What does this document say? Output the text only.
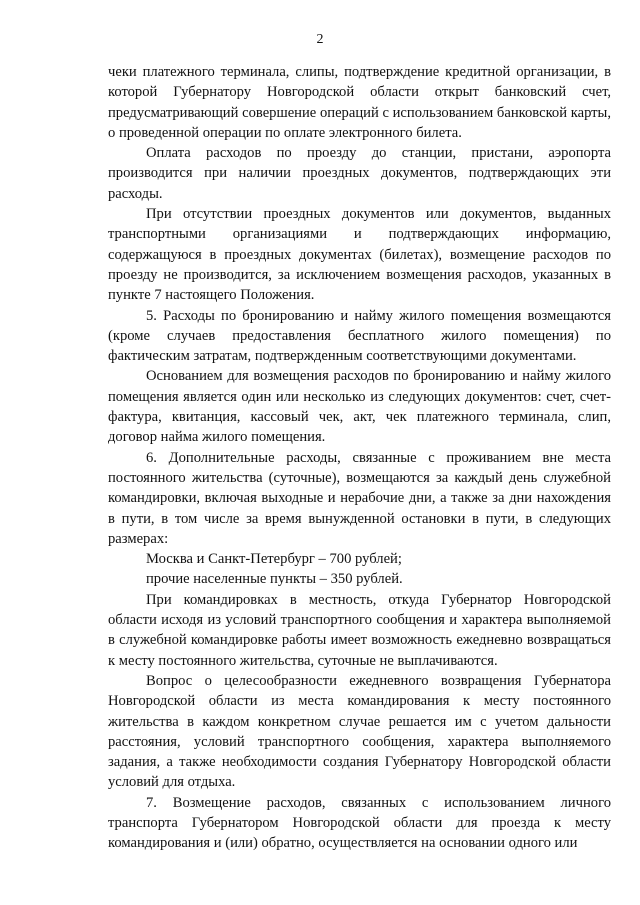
2

чеки платежного терминала, слипы, подтверждение кредитной организации, в которой Губернатору Новгородской области открыт банковский счет, предусматривающий совершение операций с использованием банковской карты, о проведенной операции по оплате электронного билета.

Оплата расходов по проезду до станции, пристани, аэропорта производится при наличии проездных документов, подтверждающих эти расходы.

При отсутствии проездных документов или документов, выданных транспортными организациями и подтверждающих информацию, содержащуюся в проездных документах (билетах), возмещение расходов по проезду не производится, за исключением возмещения расходов, указанных в пункте 7 настоящего Положения.

5. Расходы по бронированию и найму жилого помещения возмещаются (кроме случаев предоставления бесплатного жилого помещения) по фактическим затратам, подтвержденным соответствующими документами.

Основанием для возмещения расходов по бронированию и найму жилого помещения является один или несколько из следующих документов: счет, счет-фактура, квитанция, кассовый чек, акт, чек платежного терминала, слип, договор найма жилого помещения.

6. Дополнительные расходы, связанные с проживанием вне места постоянного жительства (суточные), возмещаются за каждый день служебной командировки, включая выходные и нерабочие дни, а также за дни нахождения в пути, в том числе за время вынужденной остановки в пути, в следующих размерах:

Москва и Санкт-Петербург – 700 рублей;

прочие населенные пункты – 350 рублей.

При командировках в местность, откуда Губернатор Новгородской области исходя из условий транспортного сообщения и характера выполняемой в служебной командировке работы имеет возможность ежедневно возвращаться к месту постоянного жительства, суточные не выплачиваются.

Вопрос о целесообразности ежедневного возвращения Губернатора Новгородской области из места командирования к месту постоянного жительства в каждом конкретном случае решается им с учетом дальности расстояния, условий транспортного сообщения, характера выполняемого задания, а также необходимости создания Губернатору Новгородской области условий для отдыха.

7. Возмещение расходов, связанных с использованием личного транспорта Губернатором Новгородской области для проезда к месту командирования и (или) обратно, осуществляется на основании одного или
